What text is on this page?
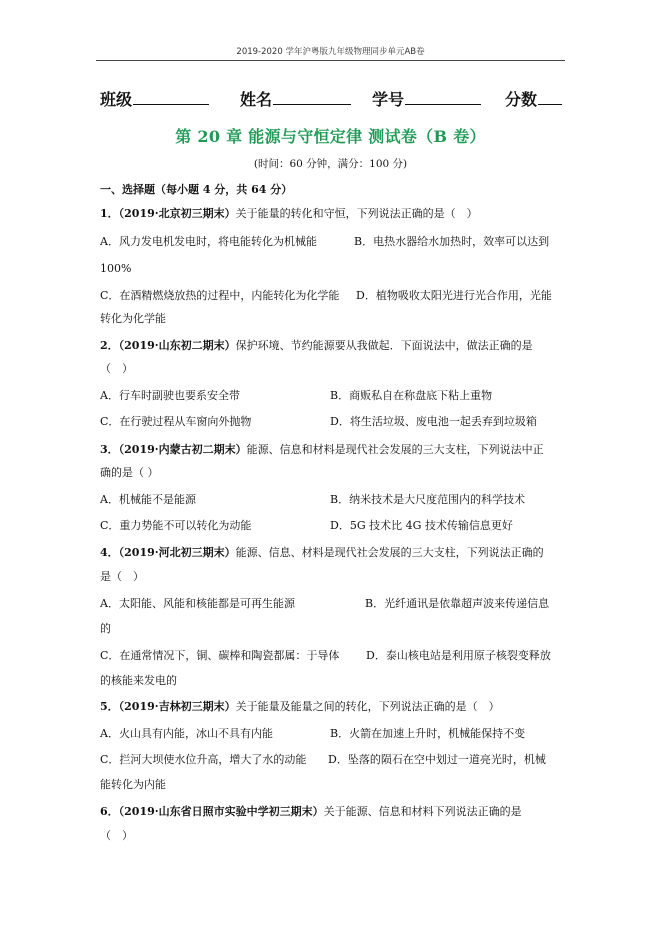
2019-2020 学年沪粤版九年级物理同步单元AB卷
班级	姓名	学号	分数
第 20 章 能源与守恒定律 测试卷（B 卷）
(时间：60 分钟，满分：100 分)
一、选择题（每小题 4 分，共 64 分）
1．（2019·北京初三期末）关于能量的转化和守恒，下列说法正确的是（　）
A．风力发电机发电时，将电能转化为机械能	B．电热水器给水加热时，效率可以达到
100%
C．在酒精燃烧放热的过程中，内能转化为化学能 D．植物吸收太阳光进行光合作用，光能
转化为化学能
2．（2019·山东初二期末）保护环境、节约能源要从我做起．下面说法中，做法正确的是
（　）
A．行车时副驶也要系安全带	B．商贩私自在称盘底下粘上重物
C．在行驶过程从车窗向外抛物	D．将生活垃圾、废电池一起丢弃到垃圾箱
3．（2019·内蒙古初二期末）能源、信息和材料是现代社会发展的三大支柱，下列说法中正
确的是（ ）
A．机械能不是能源	B．纳米技术是大尺度范围内的科学技术
C．重力势能不可以转化为动能	D．5G 技术比 4G 技术传输信息更好
4．（2019·河北初三期末）能源、信息、材料是现代社会发展的三大支柱，下列说法正确的
是（　）
A．太阳能、风能和核能都是可再生能源	B．光纤通讯是依靠超声波来传递信息
的
C．在通常情况下，铜、碳棒和陶瓷都属：于导体 D．泰山核电站是利用原子核裂变释放
的核能来发电的
5．（2019·吉林初三期末）关于能量及能量之间的转化，下列说法正确的是（　）
A．火山具有内能，冰山不具有内能	B．火箭在加速上升时，机械能保持不变
C．拦河大坝使水位升高，增大了水的动能 D．坠落的陨石在空中划过一道亮光时，机械
能转化为内能
6．（2019·山东省日照市实验中学初三期末）关于能源、信息和材料下列说法正确的是
（　）
